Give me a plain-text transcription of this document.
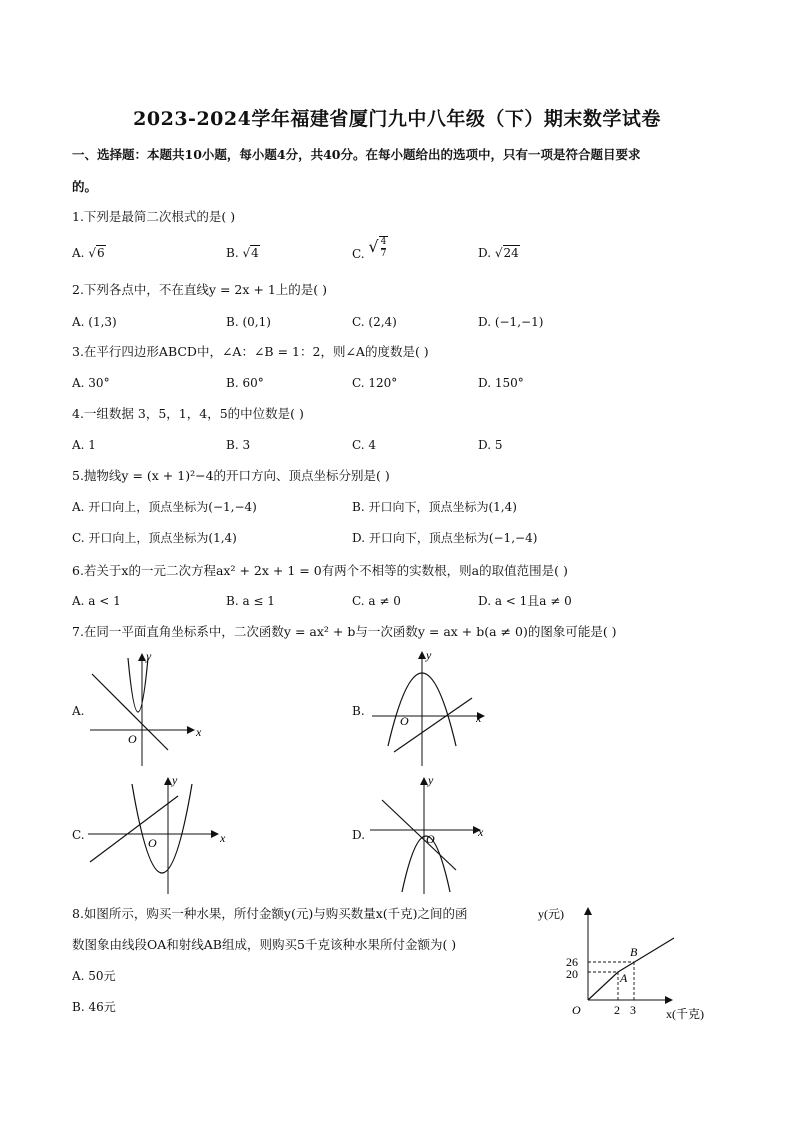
2023-2024学年福建省厦门九中八年级（下）期末数学试卷
一、选择题：本题共10小题，每小题4分，共40分。在每小题给出的选项中，只有一项是符合题目要求
的。
1.下列是最简二次根式的是( )
A. √6	B. √4	C. √ $\frac{4}{7}$	D. √24
2.下列各点中，不在直线y = 2x + 1上的是( )
A. (1,3)	B. (0,1)	C. (2,4)	D. (−1,−1)
3.在平行四边形ABCD中，∠A：∠B = 1：2，则∠A的度数是( )
A. 30°	B. 60°	C. 120°	D. 150°
4.一组数据 3，5，1，4，5的中位数是( )
A. 1	B. 3	C. 4	D. 5
5.抛物线y = (x + 1)²−4的开口方向、顶点坐标分别是( )
A. 开口向上，顶点坐标为(−1,−4)	B. 开口向下，顶点坐标为(1,4)
C. 开口向上，顶点坐标为(1,4)	D. 开口向下，顶点坐标为(−1,−4)
6.若关于x的一元二次方程ax² + 2x + 1 = 0有两个不相等的实数根，则a的取值范围是( )
A. a < 1	B. a ≤ 1	C. a ≠ 0	D. a < 1且a ≠ 0
7.在同一平面直角坐标系中，二次函数y = ax² + b与一次函数y = ax + b(a ≠ 0)的图象可能是( )
A.
x
y
O
B.	x
y
O
C.	x
y
O
D.	x
y
O
8.如图所示，购买一种水果，所付金额y(元)与购买数量x(千克)之间的函
数图象由线段OA和射线AB组成，则购买5千克该种水果所付金额为( )
A. 50元
B. 46元
y(元)
x(千克)
26
20
2 3
O
A
B
